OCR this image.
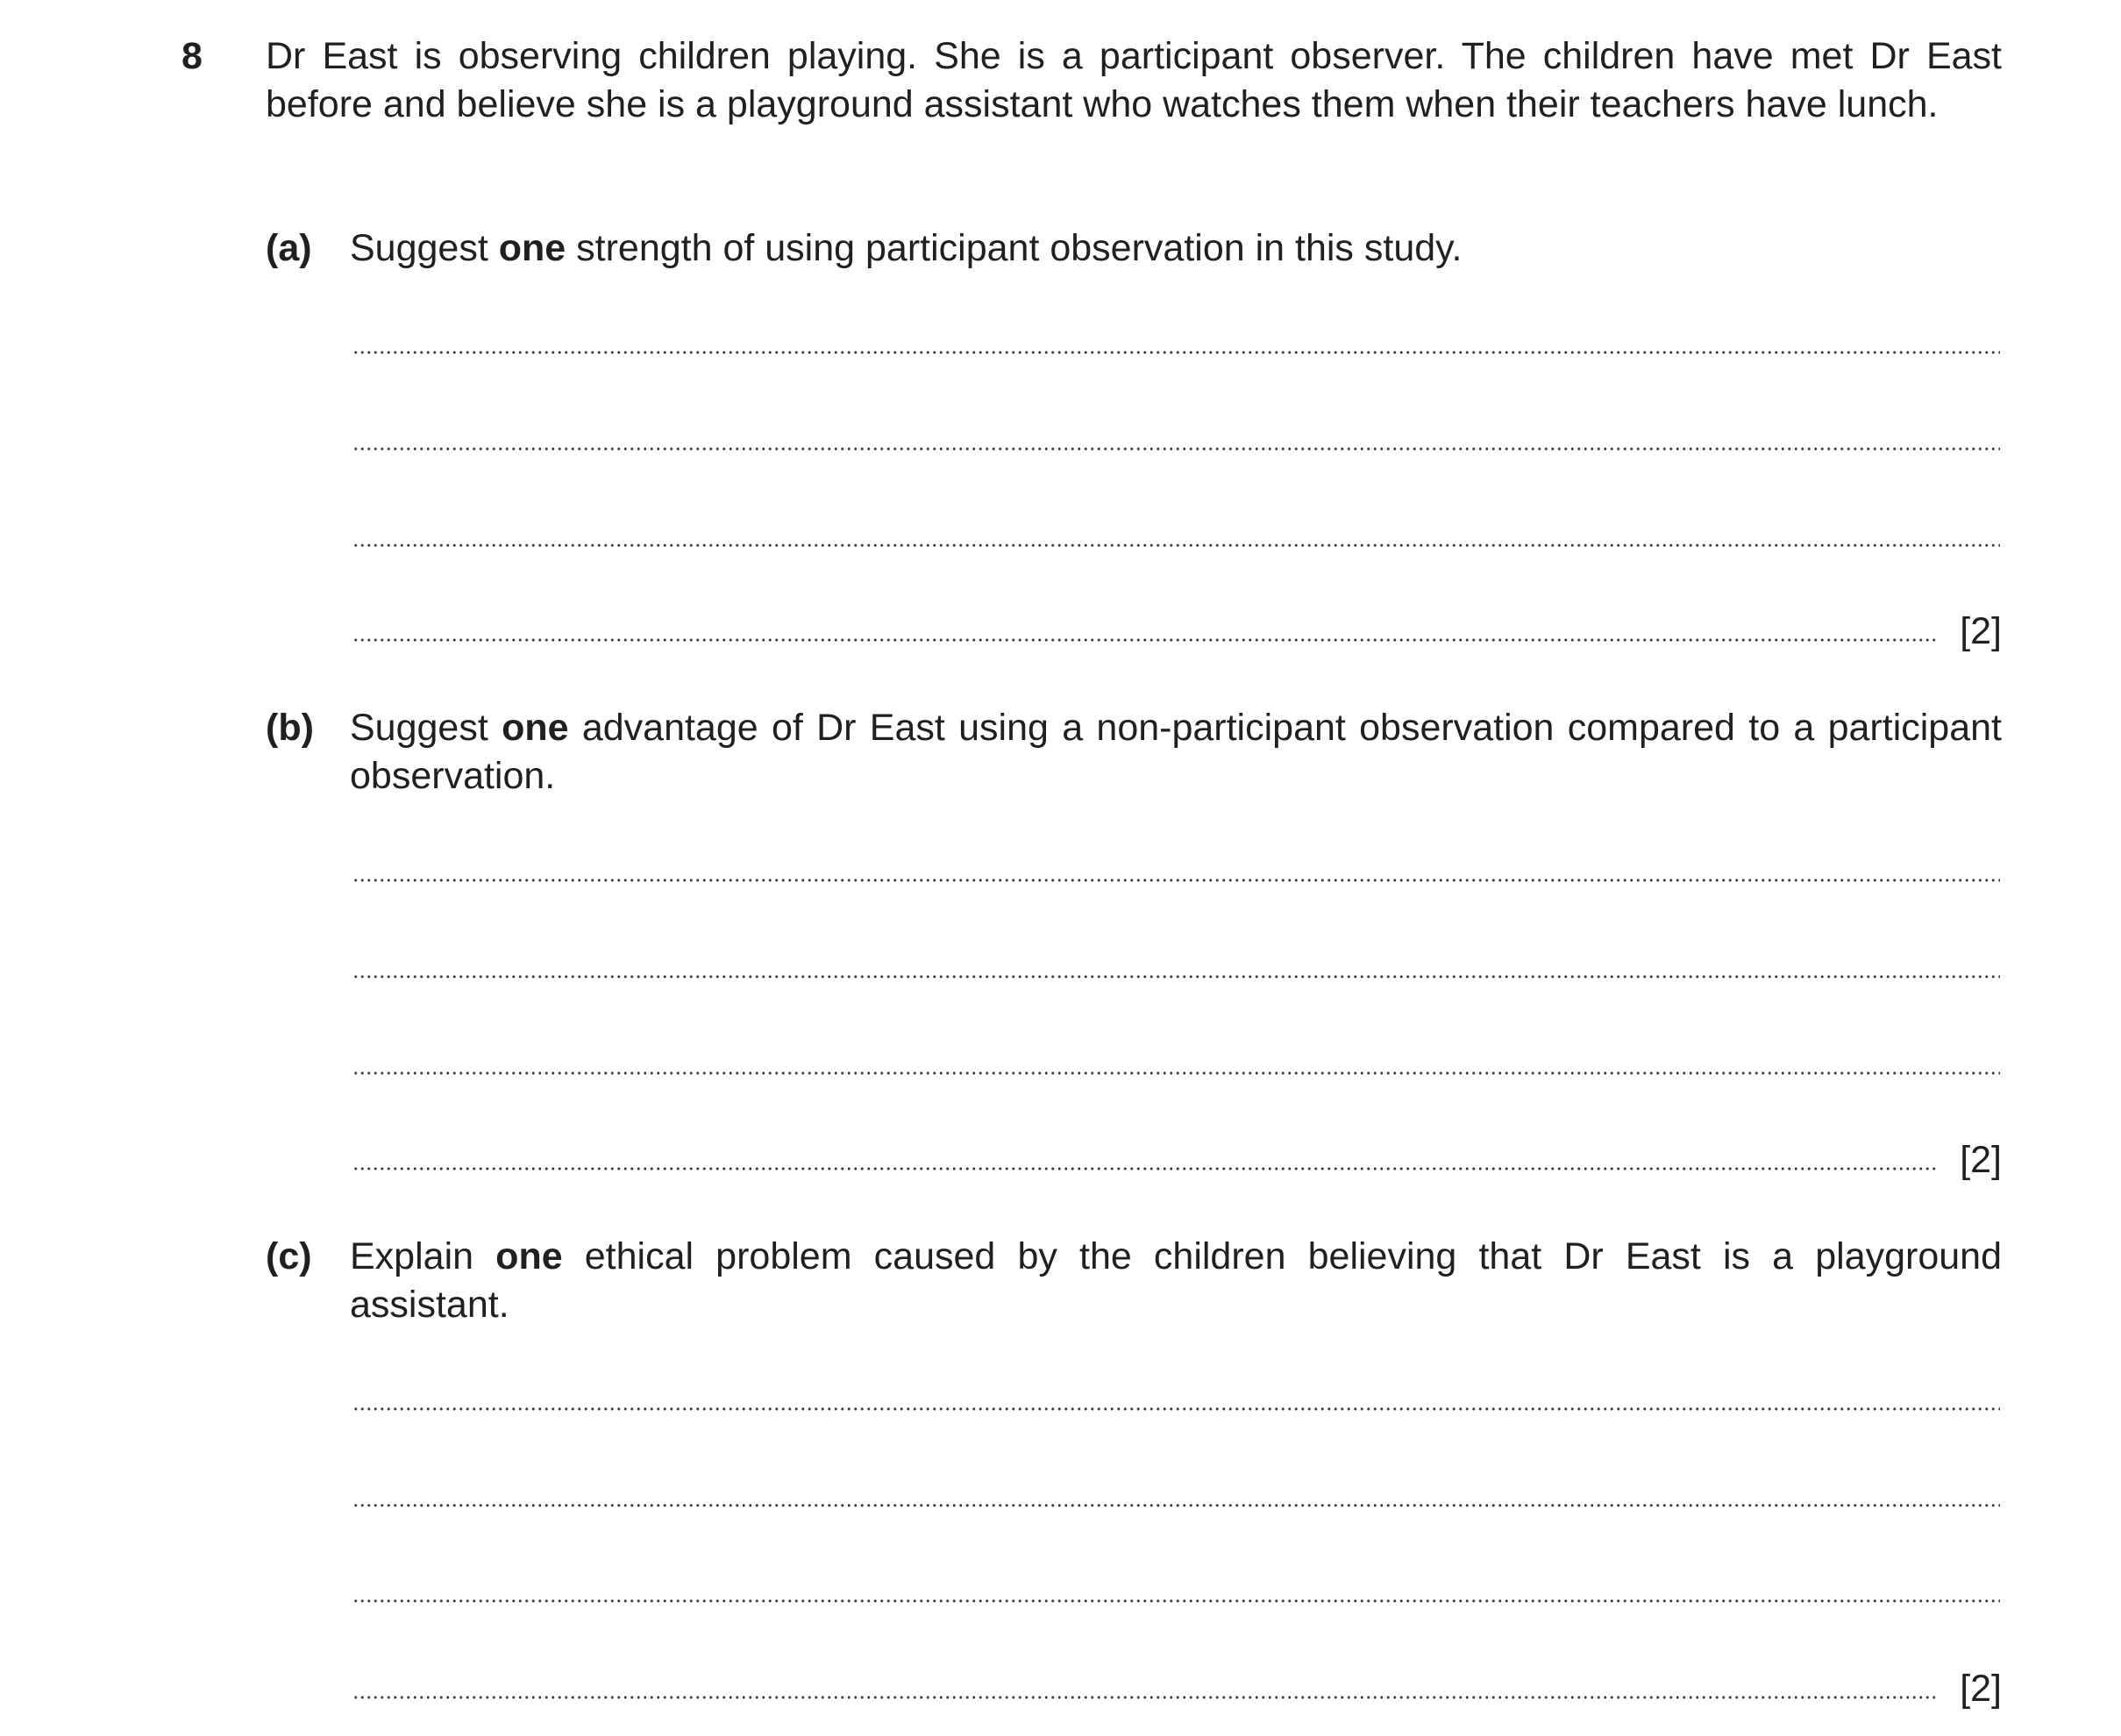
8 Dr East is observing children playing. She is a participant observer. The children have met Dr East before and believe she is a playground assistant who watches them when their teachers have lunch.
(a) Suggest one strength of using participant observation in this study.
[2]
(b) Suggest one advantage of Dr East using a non-participant observation compared to a participant observation.
[2]
(c) Explain one ethical problem caused by the children believing that Dr East is a playground assistant.
[2]
